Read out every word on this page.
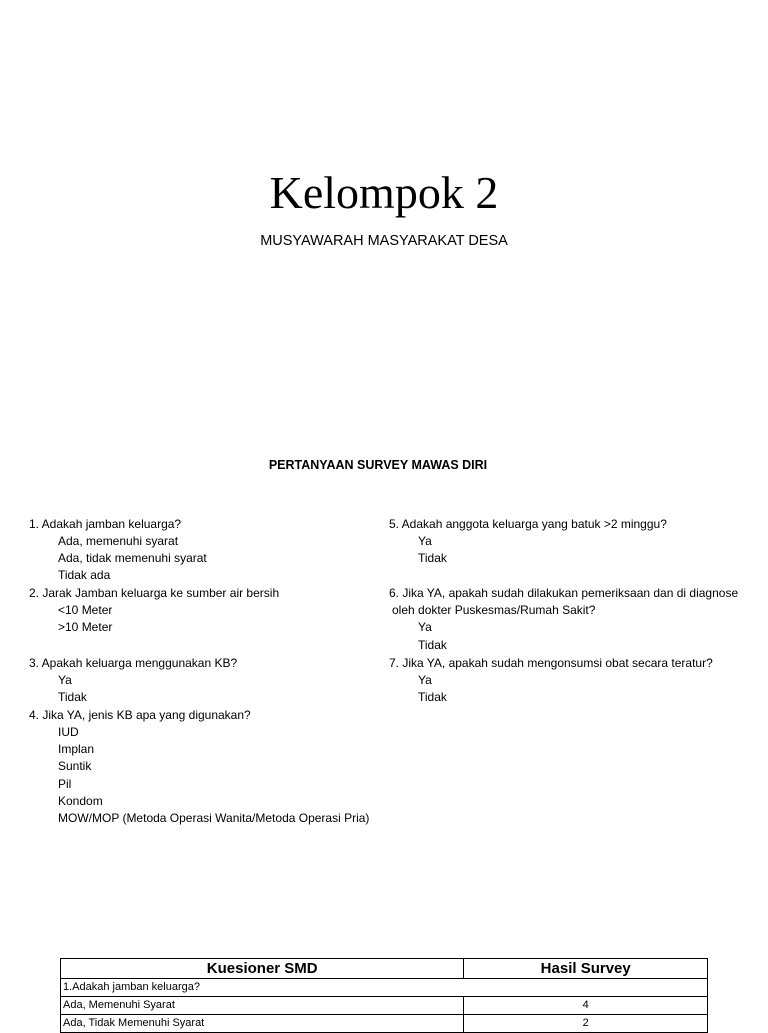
Kelompok 2
MUSYAWARAH MASYARAKAT DESA
PERTANYAAN SURVEY MAWAS DIRI
1. Adakah jamban keluarga?
Ada, memenuhi syarat
Ada, tidak memenuhi syarat
Tidak ada
2. Jarak Jamban keluarga ke sumber air bersih
<10 Meter
>10 Meter
3. Apakah keluarga menggunakan KB?
Ya
Tidak
4. Jika YA, jenis KB apa yang digunakan?
IUD
Implan
Suntik
Pil
Kondom
MOW/MOP (Metoda Operasi Wanita/Metoda Operasi Pria)
5. Adakah anggota keluarga yang batuk >2 minggu?
Ya
Tidak
6. Jika YA, apakah sudah dilakukan pemeriksaan dan di diagnose
oleh dokter Puskesmas/Rumah Sakit?
Ya
Tidak
7. Jika YA, apakah sudah mengonsumsi obat secara teratur?
Ya
Tidak
Kuesioner SMD	Hasil Survey
1.Adakah jamban keluarga?	
Ada, Memenuhi Syarat	4
Ada, Tidak Memenuhi Syarat	2
